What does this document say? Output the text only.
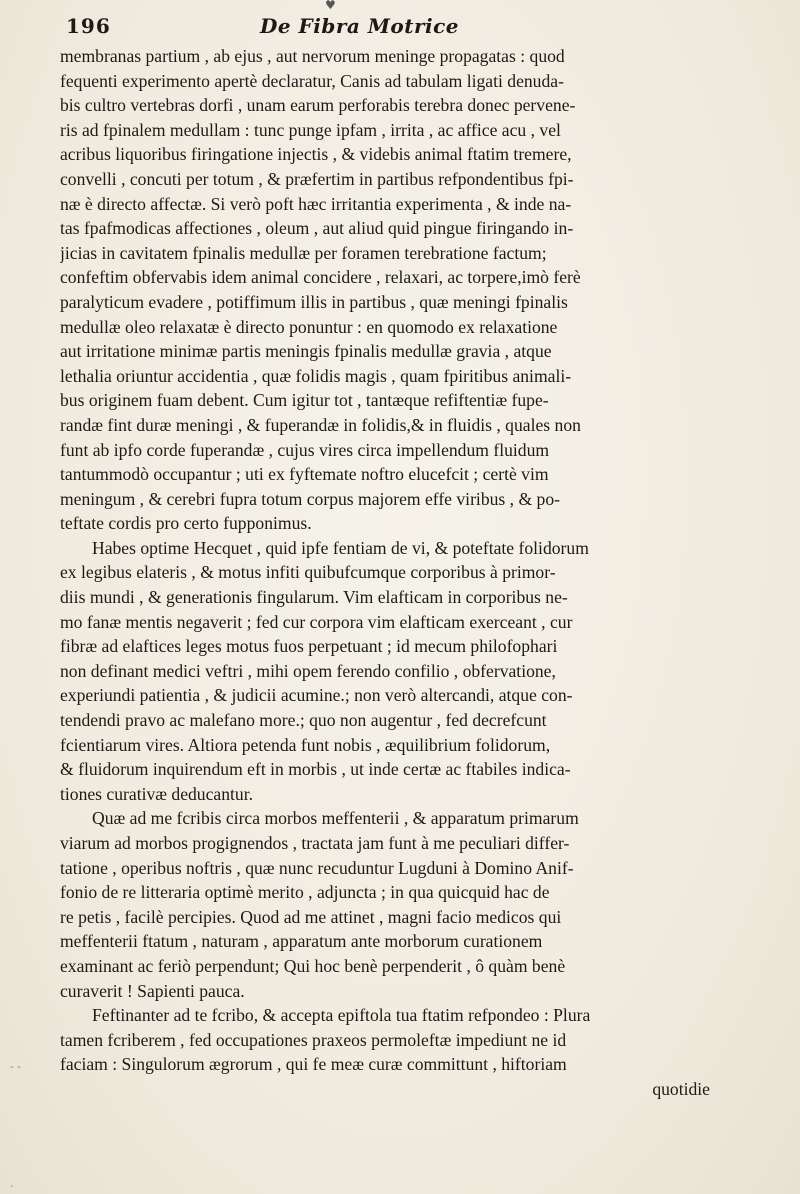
♥
196	De Fibra Motrice
- -
·
membranas partium , ab ejus , aut nervorum meninge propagatas : quod
fequenti experimento apertè declaratur, Canis ad tabulam ligati denuda-
bis cultro vertebras dorfi , unam earum perforabis terebra donec pervene-
ris ad fpinalem medullam : tunc punge ipfam , irrita , ac affice acu , vel
acribus liquoribus firingatione injectis , & videbis animal ftatim tremere,
convelli , concuti per totum , & præfertim in partibus refpondentibus fpi-
næ è directo affectæ. Si verò poft hæc irritantia experimenta , & inde na-
tas fpafmodicas affectiones , oleum , aut aliud quid pingue firingando in-
jicias in cavitatem fpinalis medullæ per foramen terebratione factum;
confeftim obfervabis idem animal concidere , relaxari, ac torpere,imò ferè
paralyticum evadere , potiffimum illis in partibus , quæ meningi fpinalis
medullæ oleo relaxatæ è directo ponuntur : en quomodo ex relaxatione
aut irritatione minimæ partis meningis fpinalis medullæ gravia , atque
lethalia oriuntur accidentia , quæ folidis magis , quam fpiritibus animali-
bus originem fuam debent. Cum igitur tot , tantæque refiftentiæ fupe-
randæ fint duræ meningi , & fuperandæ in folidis,& in fluidis , quales non
funt ab ipfo corde fuperandæ , cujus vires circa impellendum fluidum
tantummodò occupantur ; uti ex fyftemate noftro elucefcit ; certè vim
meningum , & cerebri fupra totum corpus majorem effe viribus , & po-
teftate cordis pro certo fupponimus.
Habes optime Hecquet , quid ipfe fentiam de vi, & poteftate folidorum
ex legibus elateris , & motus infiti quibufcumque corporibus à primor-
diis mundi , & generationis fingularum. Vim elafticam in corporibus ne-
mo fanæ mentis negaverit ; fed cur corpora vim elafticam exerceant , cur
fibræ ad elaftices leges motus fuos perpetuant ; id mecum philofophari
non definant medici veftri , mihi opem ferendo confilio , obfervatione,
experiundi patientia , & judicii acumine.; non verò altercandi, atque con-
tendendi pravo ac malefano more.; quo non augentur , fed decrefcunt
fcientiarum vires. Altiora petenda funt nobis , æquilibrium folidorum,
& fluidorum inquirendum eft in morbis , ut inde certæ ac ftabiles indica-
tiones curativæ deducantur.
Quæ ad me fcribis circa morbos meffenterii , & apparatum primarum
viarum ad morbos progignendos , tractata jam funt à me peculiari differ-
tatione , operibus noftris , quæ nunc recuduntur Lugduni à Domino Anif-
fonio de re litteraria optimè merito , adjuncta ; in qua quicquid hac de
re petis , facilè percipies. Quod ad me attinet , magni facio medicos qui
meffenterii ftatum , naturam , apparatum ante morborum curationem
examinant ac feriò perpendunt; Qui hoc benè perpenderit , ô quàm benè
curaverit ! Sapienti pauca.
Feftinanter ad te fcribo, & accepta epiftola tua ftatim refpondeo : Plura
tamen fcriberem , fed occupationes praxeos permoleftæ impediunt ne id
faciam : Singulorum ægrorum , qui fe meæ curæ committunt , hiftoriam
quotidie
